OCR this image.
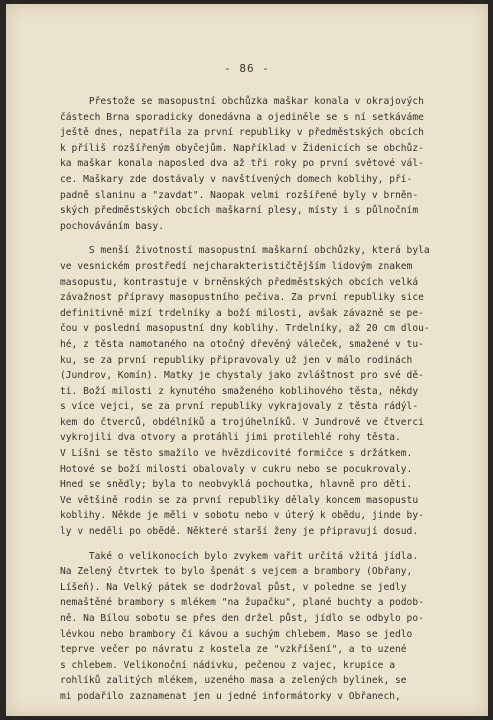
- 86 -
Přestože se masopustní obchůzka maškar konala v okrajových
částech Brna sporadicky donedávna a ojediněle se s ní setkáváme
ještě dnes, nepatřila za první republiky v předměstských obcích
k příliš rozšířeným obyčejům. Například v Židenicích se obchůz-
ka maškar konala naposled dva až tři roky po první světové vál-
ce. Maškary zde dostávaly v navštívených domech koblihy, pří-
padně slaninu a "zavdat". Naopak velmi rozšířené byly v brněn-
ských předměstských obcích maškarní plesy, místy i s půlnočním
pochováváním basy.
S menší životností masopustní maškarní obchůzky, která byla
ve vesnickém prostředí nejcharakterističtějším lidovým znakem
masopustu, kontrastuje v brněnských předměstských obcích velká
závažnost přípravy masopustního pečiva. Za první republiky sice
definitivně mizí trdelníky a boží milosti, avšak závazně se pe-
čou v poslední masopustní dny koblihy. Trdelníky, až 20 cm dlou-
hé, z těsta namotaného na otočný dřevěný váleček, smažené v tu-
ku, se za první republiky připravovaly už jen v málo rodinách
(Jundrov, Komín). Matky je chystaly jako zvláštnost pro své dě-
ti. Boží milosti z kynutého smaženého koblihového těsta, někdy
s více vejci, se za první republiky vykrajovaly z těsta rádýl-
kem do čtverců, obdélníků a trojúhelníků. V Jundrově ve čtverci
vykrojili dva otvory a protáhli jimi protilehlé rohy těsta.
V Líšni se těsto smažilo ve hvězdicovité formičce s držátkem.
Hotové se boží milosti obalovaly v cukru nebo se pocukrovaly.
Hned se snědly; byla to neobvyklá pochoutka, hlavně pro děti.
Ve většině rodin se za první republiky dělaly koncem masopustu
koblihy. Někde je měli v sobotu nebo v úterý k obědu, jinde by-
ly v neděli po obědě. Některé starší ženy je připravují dosud.
Také o velikonocích bylo zvykem vařit určitá vžitá jídla.
Na Zelený čtvrtek to bylo špenát s vejcem a brambory (Obřany,
Líšeň). Na Velký pátek se dodržoval půst, v poledne se jedly
nemaštěné brambory s mlékem "na župačku", plané buchty a podob-
ně. Na Bílou sobotu se přes den držel půst, jídlo se odbylo po-
lévkou nebo brambory či kávou a suchým chlebem. Maso se jedlo
teprve večer po návratu z kostela ze "vzkříšení", a to uzené
s chlebem. Velikonoční nádivku, pečenou z vajec, krupice a
rohlíků zalitých mlékem, uzeného masa a zelených bylinek, se
mi podařilo zaznamenat jen u jedné informátorky v Obřanech,
